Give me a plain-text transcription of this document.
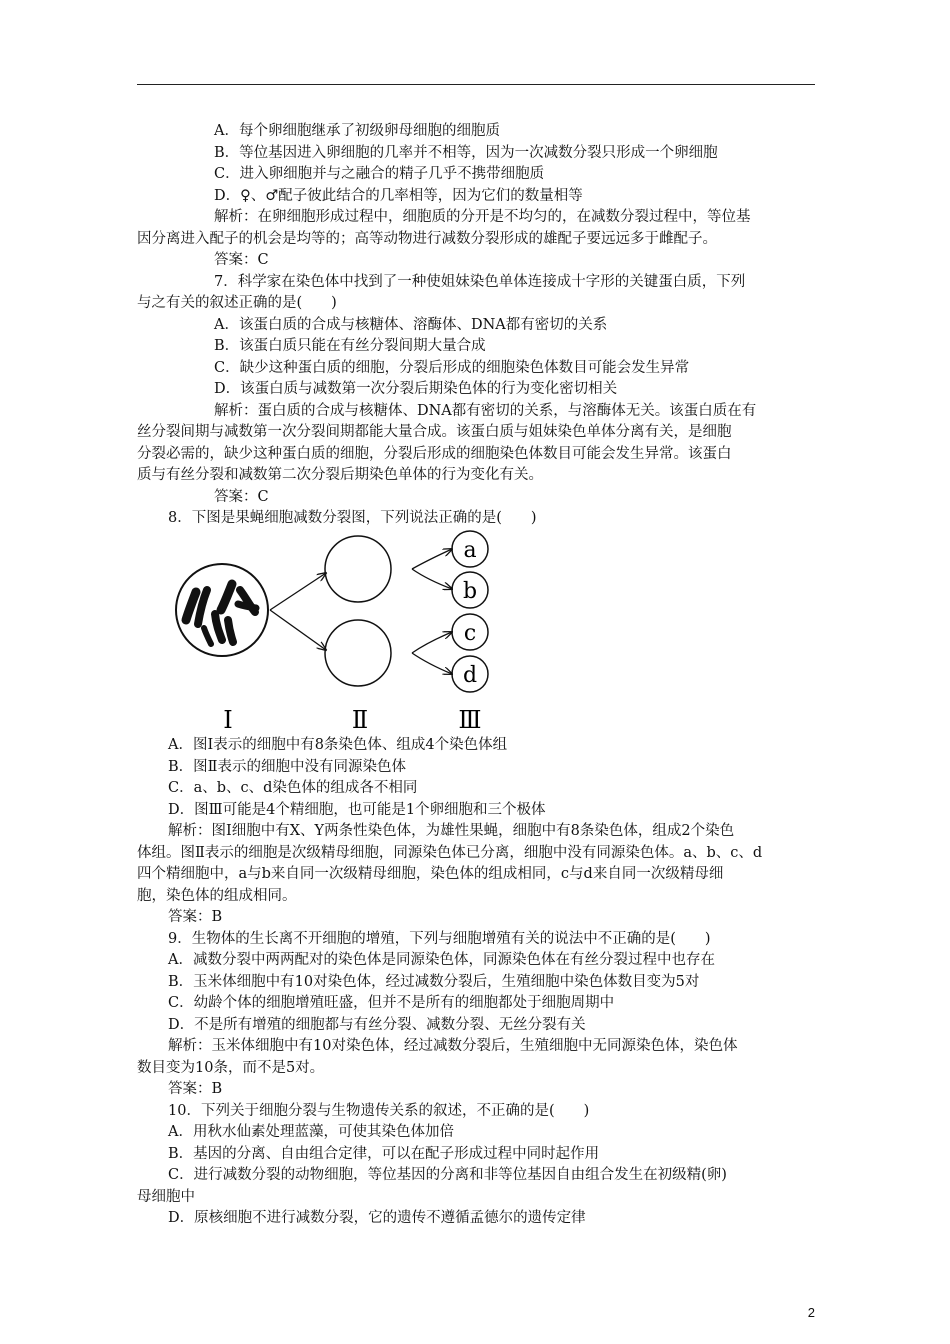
A．每个卵细胞继承了初级卵母细胞的细胞质
B．等位基因进入卵细胞的几率并不相等，因为一次减数分裂只形成一个卵细胞
C．进入卵细胞并与之融合的精子几乎不携带细胞质
D．♀、♂配子彼此结合的几率相等，因为它们的数量相等
解析：在卵细胞形成过程中，细胞质的分开是不均匀的，在减数分裂过程中，等位基
因分离进入配子的机会是均等的；高等动物进行减数分裂形成的雄配子要远远多于雌配子。
答案：C
7．科学家在染色体中找到了一种使姐妹染色单体连接成十字形的关键蛋白质，下列
与之有关的叙述正确的是(　　)
A．该蛋白质的合成与核糖体、溶酶体、DNA都有密切的关系
B．该蛋白质只能在有丝分裂间期大量合成
C．缺少这种蛋白质的细胞，分裂后形成的细胞染色体数目可能会发生异常
D．该蛋白质与减数第一次分裂后期染色体的行为变化密切相关
解析：蛋白质的合成与核糖体、DNA都有密切的关系，与溶酶体无关。该蛋白质在有
丝分裂间期与减数第一次分裂间期都能大量合成。该蛋白质与姐妹染色单体分离有关，是细胞
分裂必需的，缺少这种蛋白质的细胞，分裂后形成的细胞染色体数目可能会发生异常。该蛋白
质与有丝分裂和减数第二次分裂后期染色单体的行为变化有关。
答案：C
8．下图是果蝇细胞减数分裂图，下列说法正确的是(　　)
a
b
c
d
Ⅰ	Ⅱ	Ⅲ
A．图Ⅰ表示的细胞中有8条染色体、组成4个染色体组
B．图Ⅱ表示的细胞中没有同源染色体
C．a、b、c、d染色体的组成各不相同
D．图Ⅲ可能是4个精细胞，也可能是1个卵细胞和三个极体
解析：图Ⅰ细胞中有X、Y两条性染色体，为雄性果蝇，细胞中有8条染色体，组成2个染色
体组。图Ⅱ表示的细胞是次级精母细胞，同源染色体已分离，细胞中没有同源染色体。a、b、c、d
四个精细胞中，a与b来自同一次级精母细胞，染色体的组成相同，c与d来自同一次级精母细
胞，染色体的组成相同。
答案：B
9．生物体的生长离不开细胞的增殖，下列与细胞增殖有关的说法中不正确的是(　　)
A．减数分裂中两两配对的染色体是同源染色体，同源染色体在有丝分裂过程中也存在
B．玉米体细胞中有10对染色体，经过减数分裂后，生殖细胞中染色体数目变为5对
C．幼龄个体的细胞增殖旺盛，但并不是所有的细胞都处于细胞周期中
D．不是所有增殖的细胞都与有丝分裂、减数分裂、无丝分裂有关
解析：玉米体细胞中有10对染色体，经过减数分裂后，生殖细胞中无同源染色体，染色体
数目变为10条，而不是5对。
答案：B
10．下列关于细胞分裂与生物遗传关系的叙述，不正确的是(　　)
A．用秋水仙素处理蓝藻，可使其染色体加倍
B．基因的分离、自由组合定律，可以在配子形成过程中同时起作用
C．进行减数分裂的动物细胞，等位基因的分离和非等位基因自由组合发生在初级精(卵)
母细胞中
D．原核细胞不进行减数分裂，它的遗传不遵循孟德尔的遗传定律
2
